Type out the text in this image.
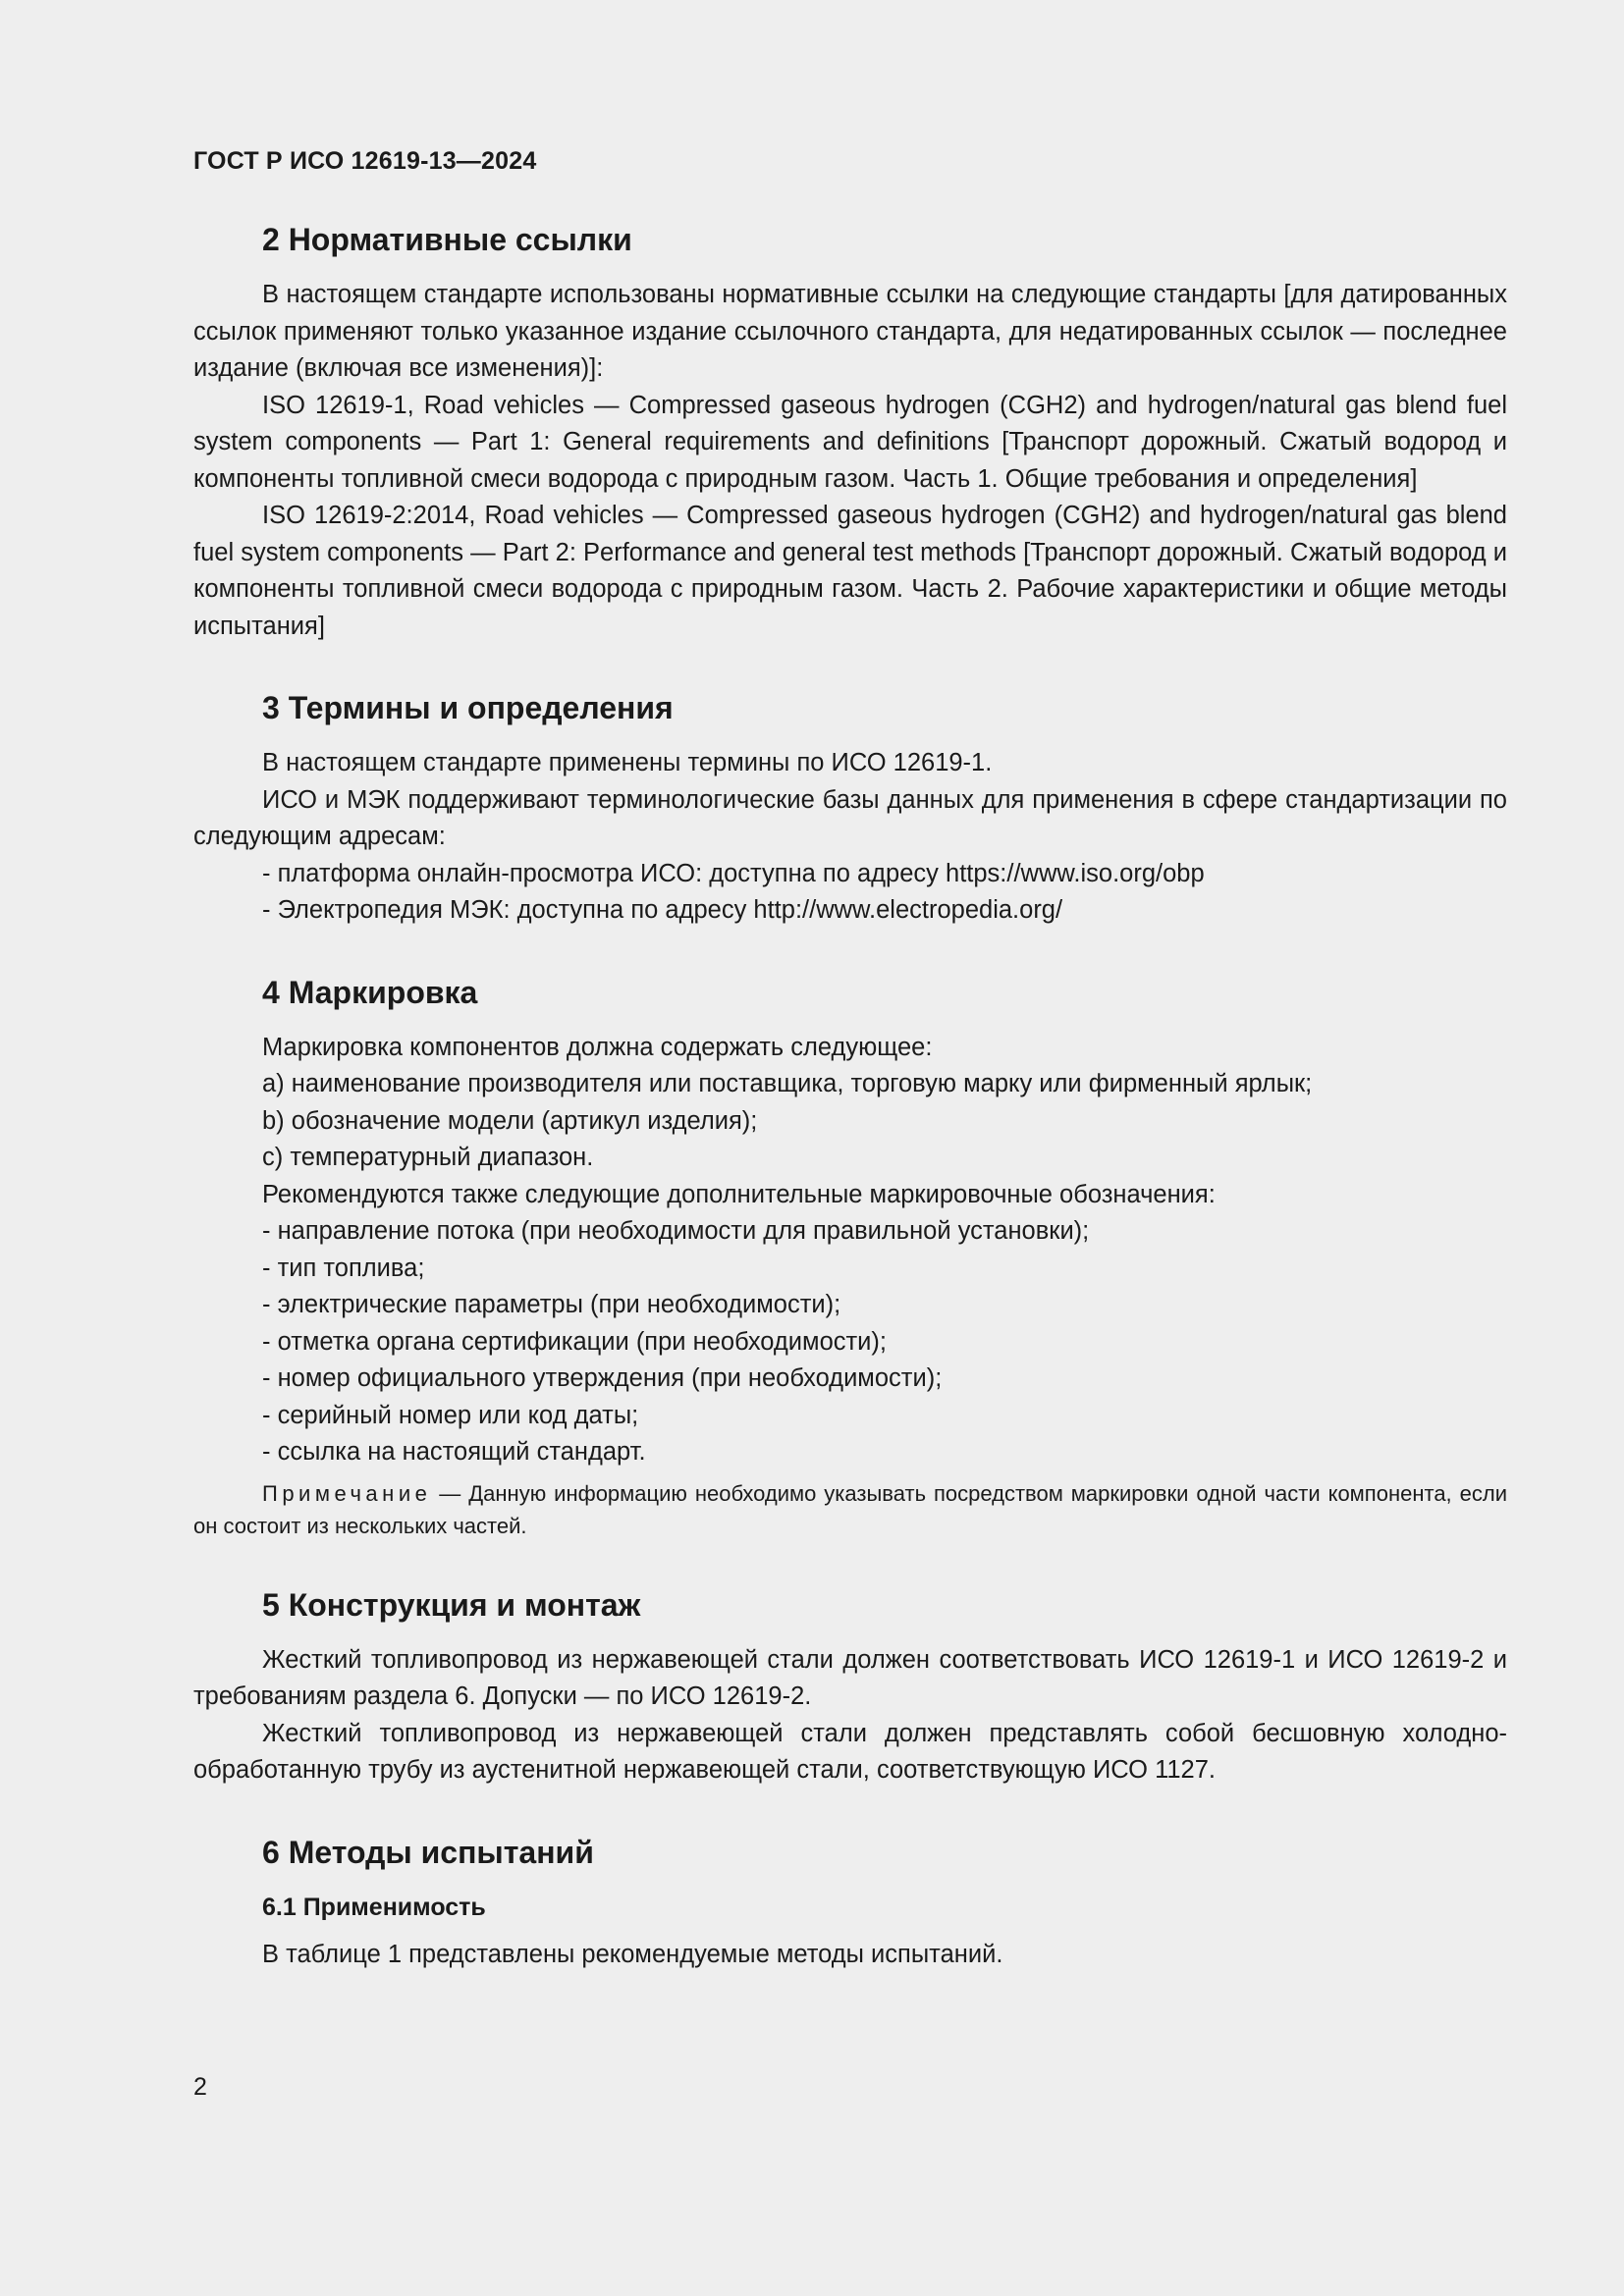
ГОСТ Р ИСО 12619-13—2024
2 Нормативные ссылки

В настоящем стандарте использованы нормативные ссылки на следующие стандарты [для датированных ссылок применяют только указанное издание ссылочного стандарта, для недатированных ссылок — последнее издание (включая все изменения)]:

ISO 12619-1, Road vehicles — Compressed gaseous hydrogen (CGH2) and hydrogen/natural gas blend fuel system components — Part 1: General requirements and definitions [Транспорт дорожный. Сжатый водород и компоненты топливной смеси водорода с природным газом. Часть 1. Общие требования и определения]

ISO 12619-2:2014, Road vehicles — Compressed gaseous hydrogen (CGH2) and hydrogen/natural gas blend fuel system components — Part 2: Performance and general test methods [Транспорт дорожный. Сжатый водород и компоненты топливной смеси водорода с природным газом. Часть 2. Рабочие характеристики и общие методы испытания]

3 Термины и определения

В настоящем стандарте применены термины по ИСО 12619-1.

ИСО и МЭК поддерживают терминологические базы данных для применения в сфере стандартизации по следующим адресам:

- платформа онлайн-просмотра ИСО: доступна по адресу https://www.iso.org/obp
- Электропедия МЭК: доступна по адресу http://www.electropedia.org/
4 Маркировка
Маркировка компонентов должна содержать следующее:
a) наименование производителя или поставщика, торговую марку или фирменный ярлык;
b) обозначение модели (артикул изделия);
c) температурный диапазон.
Рекомендуются также следующие дополнительные маркировочные обозначения:
- направление потока (при необходимости для правильной установки);
- тип топлива;
- электрические параметры (при необходимости);
- отметка органа сертификации (при необходимости);
- номер официального утверждения (при необходимости);
- серийный номер или код даты;
- ссылка на настоящий стандарт.

Примечание — Данную информацию необходимо указывать посредством маркировки одной части компонента, если он состоит из нескольких частей.

5 Конструкция и монтаж

Жесткий топливопровод из нержавеющей стали должен соответствовать ИСО 12619-1 и ИСО 12619-2 и требованиям раздела 6. Допуски — по ИСО 12619-2.

Жесткий топливопровод из нержавеющей стали должен представлять собой бесшовную холоднообработанную трубу из аустенитной нержавеющей стали, соответствующую ИСО 1127.

6 Методы испытаний
6.1 Применимость

В таблице 1 представлены рекомендуемые методы испытаний.

2
